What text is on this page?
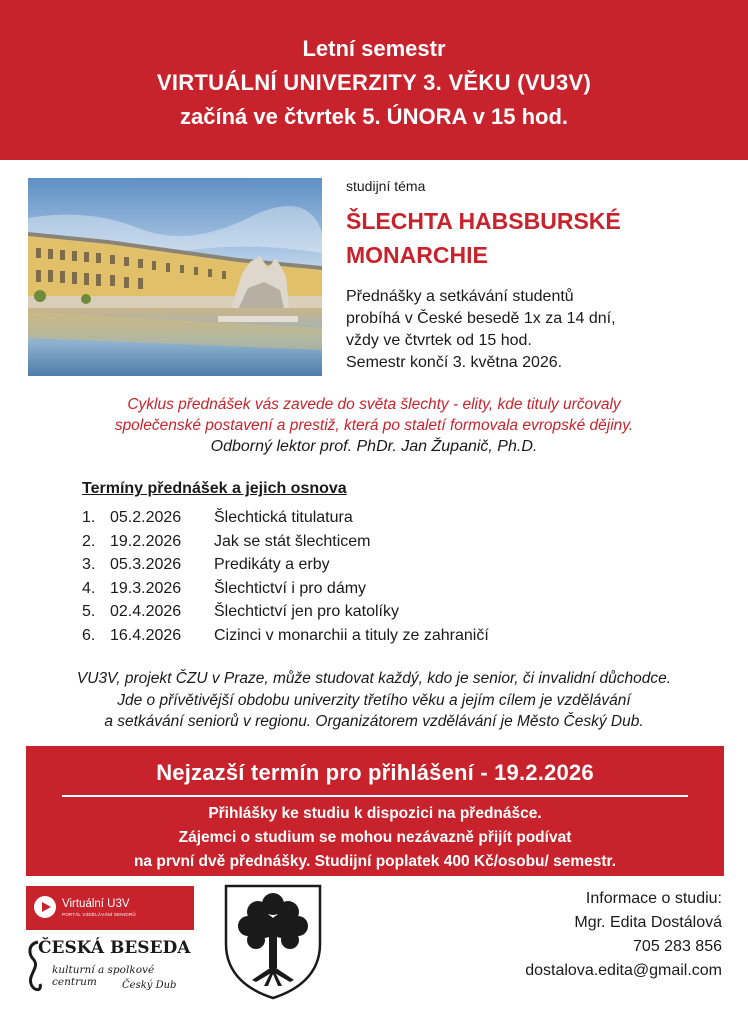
Letní semestr
VIRTUÁLNÍ UNIVERZITY 3. VĚKU (VU3V)
začíná ve čtvrtek 5. ÚNORA v 15 hod.
studijní téma
ŠLECHTA HABSBURSKÉ
MONARCHIE
Přednášky a setkávání studentů
probíhá v České besedě 1x za 14 dní,
vždy ve čtvrtek od 15 hod.
Semestr končí 3. května 2026.
Cyklus přednášek vás zavede do světa šlechty - elity, kde tituly určovaly
společenské postavení a prestiž, která po staletí formovala evropské dějiny.
Odborný lektor prof. PhDr. Jan Županič, Ph.D.
Termíny přednášek a jejich osnova
1. 05.2.2026 Šlechtická titulatura
2. 19.2.2026 Jak se stát šlechticem
3. 05.3.2026 Predikáty a erby
4. 19.3.2026 Šlechtictví i pro dámy
5. 02.4.2026 Šlechtictví jen pro katolíky
6. 16.4.2026 Cizinci v monarchii a tituly ze zahraničí
VU3V, projekt ČZU v Praze, může studovat každý, kdo je senior, či invalidní důchodce.
Jde o přívětivější obdobu univerzity třetího věku a jejím cílem je vzdělávání
a setkávání seniorů v regionu. Organizátorem vzdělávání je Město Český Dub.
Nejzazší termín pro přihlášení - 19.2.2026
Přihlášky ke studiu k dispozici na přednášce.
Zájemci o studium se mohou nezávazně přijít podívat
na první dvě přednášky. Studijní poplatek 400 Kč/osobu/ semestr.
Virtuální U3V
PORTÁL VZDĚLÁVÁNÍ SENIORŮ ČZU
ČESKÁ BESEDA
kulturní a spolkové centrum	Český Dub
Informace o studiu:
Mgr. Edita Dostálová
705 283 856
dostalova.edita@gmail.com
